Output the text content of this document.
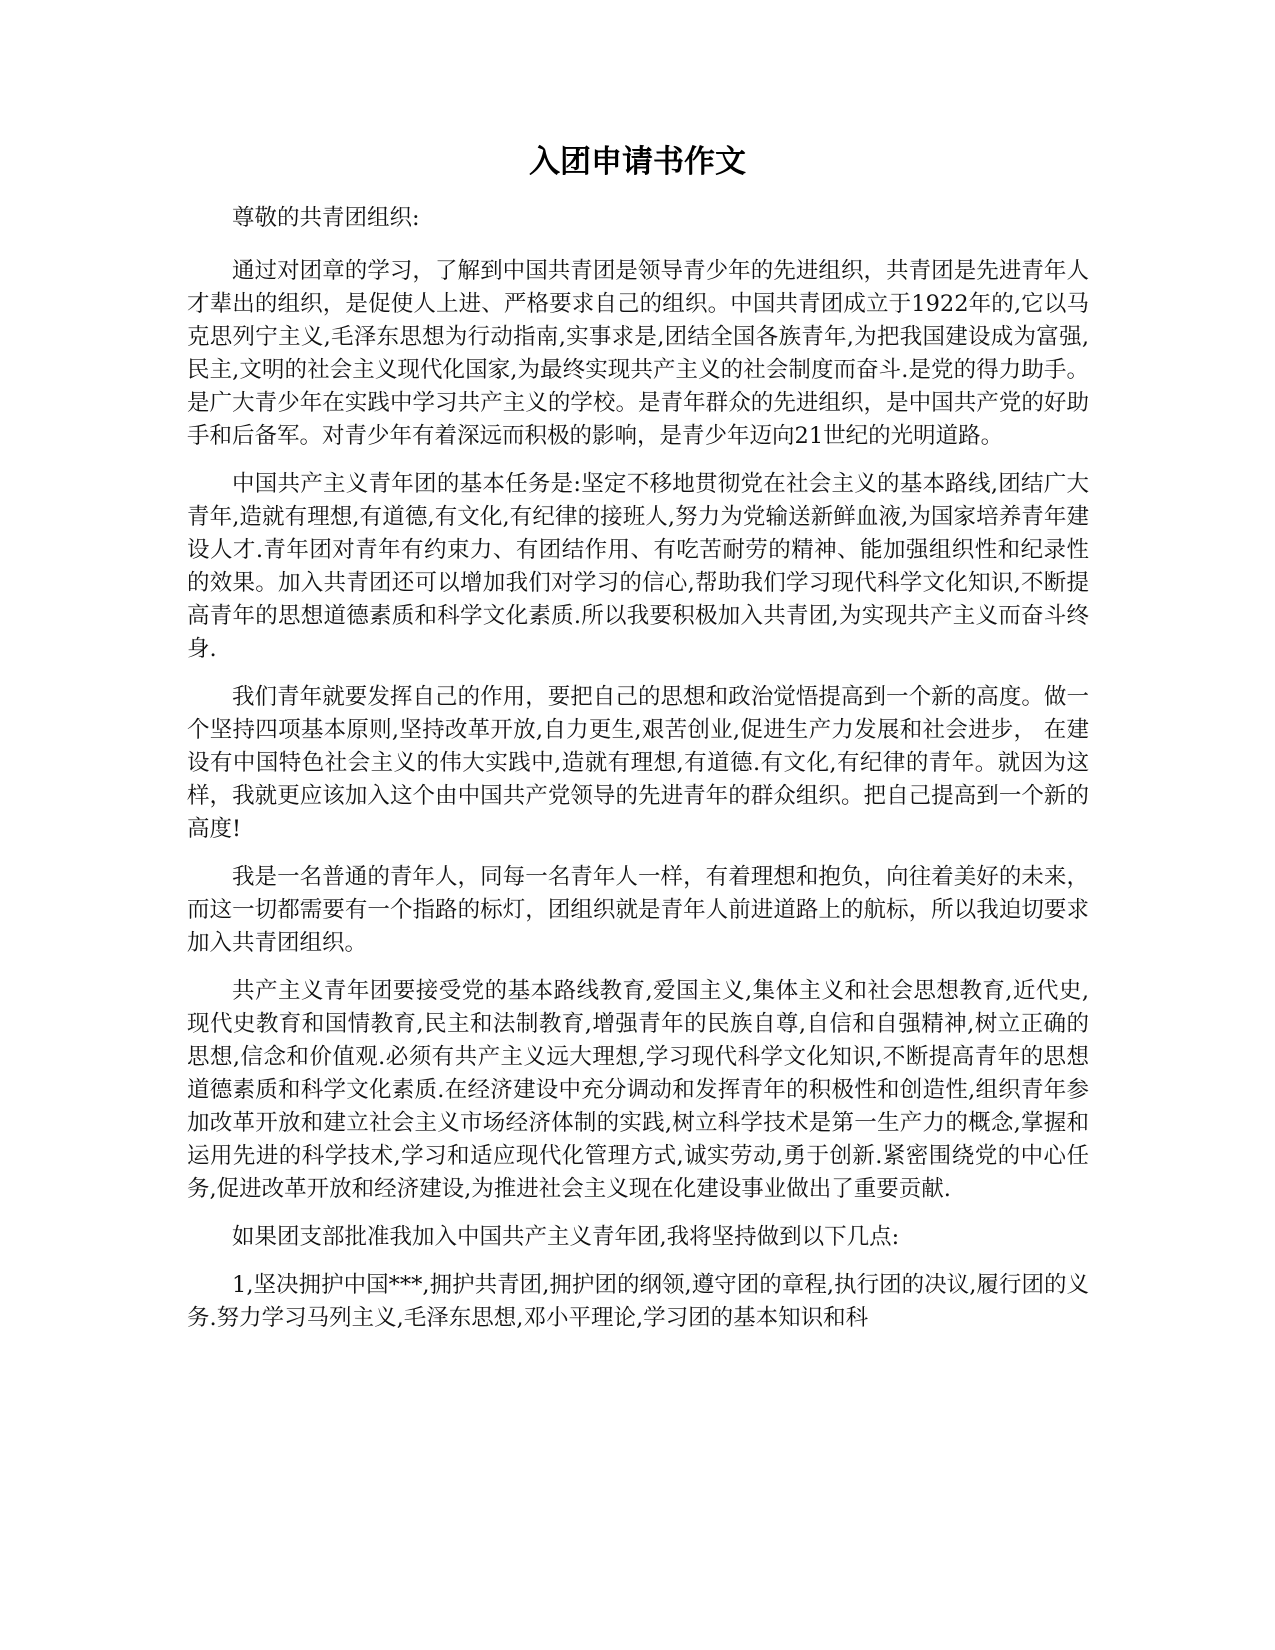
入团申请书作文

尊敬的共青团组织:

通过对团章的学习，了解到中国共青团是领导青少年的先进组织，共青团是先进青年人才辈出的组织，是促使人上进、严格要求自己的组织。中国共青团成立于1922年的,它以马克思列宁主义,毛泽东思想为行动指南,实事求是,团结全国各族青年,为把我国建设成为富强,民主,文明的社会主义现代化国家,为最终实现共产主义的社会制度而奋斗.是党的得力助手。是广大青少年在实践中学习共产主义的学校。是青年群众的先进组织，是中国共产党的好助手和后备军。对青少年有着深远而积极的影响，是青少年迈向21世纪的光明道路。

中国共产主义青年团的基本任务是:坚定不移地贯彻党在社会主义的基本路线,团结广大青年,造就有理想,有道德,有文化,有纪律的接班人,努力为党输送新鲜血液,为国家培养青年建设人才.青年团对青年有约束力、有团结作用、有吃苦耐劳的精神、能加强组织性和纪录性的效果。加入共青团还可以增加我们对学习的信心,帮助我们学习现代科学文化知识,不断提高青年的思想道德素质和科学文化素质.所以我要积极加入共青团,为实现共产主义而奋斗终身.

我们青年就要发挥自己的作用，要把自己的思想和政治觉悟提高到一个新的高度。做一个坚持四项基本原则,坚持改革开放,自力更生,艰苦创业,促进生产力发展和社会进步， 在建设有中国特色社会主义的伟大实践中,造就有理想,有道德.有文化,有纪律的青年。就因为这样，我就更应该加入这个由中国共产党领导的先进青年的群众组织。把自己提高到一个新的高度!

我是一名普通的青年人，同每一名青年人一样，有着理想和抱负，向往着美好的未来，而这一切都需要有一个指路的标灯，团组织就是青年人前进道路上的航标，所以我迫切要求加入共青团组织。

共产主义青年团要接受党的基本路线教育,爱国主义,集体主义和社会思想教育,近代史,现代史教育和国情教育,民主和法制教育,增强青年的民族自尊,自信和自强精神,树立正确的思想,信念和价值观.必须有共产主义远大理想,学习现代科学文化知识,不断提高青年的思想道德素质和科学文化素质.在经济建设中充分调动和发挥青年的积极性和创造性,组织青年参加改革开放和建立社会主义市场经济体制的实践,树立科学技术是第一生产力的概念,掌握和运用先进的科学技术,学习和适应现代化管理方式,诚实劳动,勇于创新.紧密围绕党的中心任务,促进改革开放和经济建设,为推进社会主义现在化建设事业做出了重要贡献.

如果团支部批准我加入中国共产主义青年团,我将坚持做到以下几点:

1,坚决拥护中国***,拥护共青团,拥护团的纲领,遵守团的章程,执行团的决议,履行团的义务.努力学习马列主义,毛泽东思想,邓小平理论,学习团的基本知识和科
